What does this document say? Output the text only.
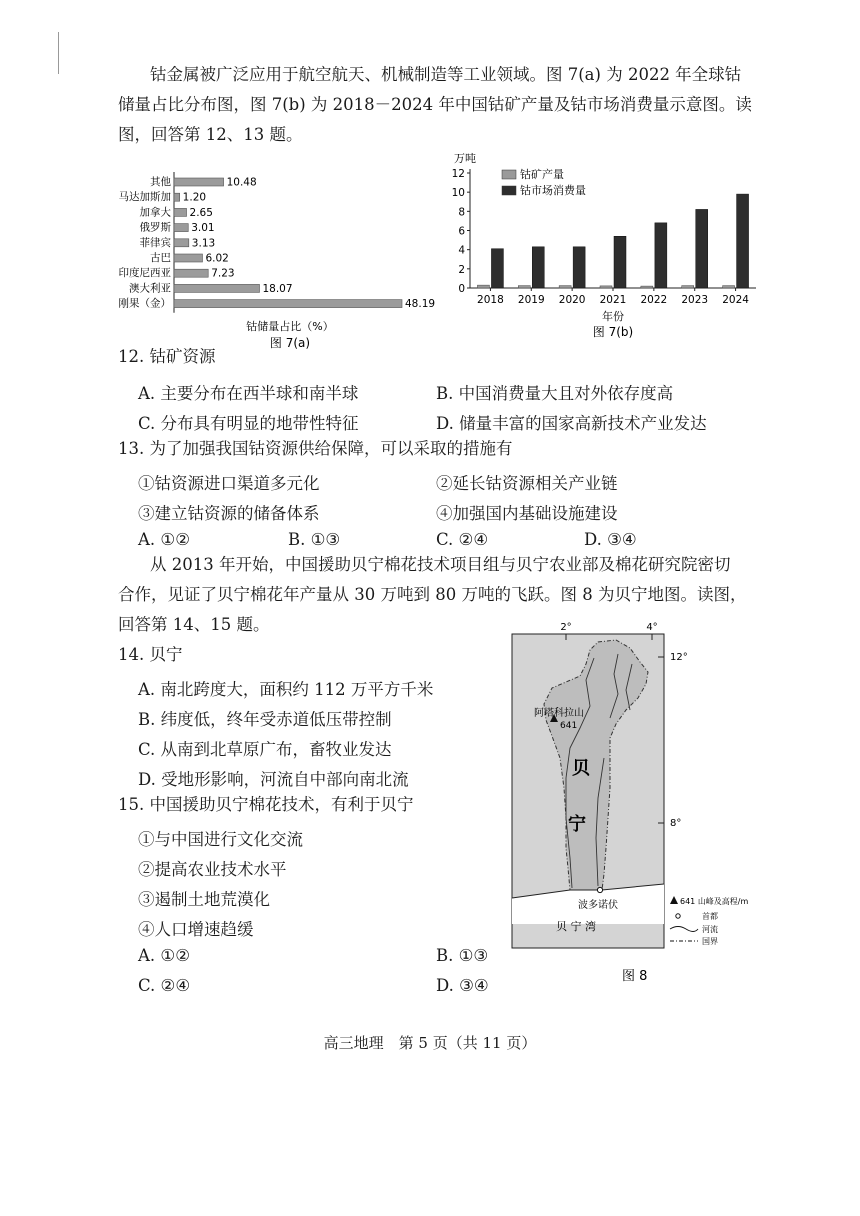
钴金属被广泛应用于航空航天、机械制造等工业领域。图 7(a) 为 2022 年全球钴
储量占比分布图，图 7(b) 为 2018－2024 年中国钴矿产量及钴市场消费量示意图。读
图，回答第 12、13 题。
其他	10.48
马达加斯加 1.20
加拿大 2.65
俄罗斯 3.01
菲律宾 3.13
古巴	6.02
印度尼西亚	7.23
澳大利亚	18.07
刚果（金）	48.19
钴储量占比（%）
图 7(a)
万吨
0
2
4
6
8
10
12
2018 2019 2020 2021 2022 2023 2024
钴矿产量
钴市场消费量
年份
图 7(b)
12. 钴矿资源
A. 主要分布在西半球和南半球	B. 中国消费量大且对外依存度高
C. 分布具有明显的地带性特征	D. 储量丰富的国家高新技术产业发达
13. 为了加强我国钴资源供给保障，可以采取的措施有
①钴资源进口渠道多元化	②延长钴资源相关产业链
③建立钴资源的储备体系	④加强国内基础设施建设
A. ①②	B. ①③	C. ②④	D. ③④
从 2013 年开始，中国援助贝宁棉花技术项目组与贝宁农业部及棉花研究院密切
合作，见证了贝宁棉花年产量从 30 万吨到 80 万吨的飞跃。图 8 为贝宁地图。读图，
回答第 14、15 题。
14. 贝宁
A. 南北跨度大，面积约 112 万平方千米
B. 纬度低，终年受赤道低压带控制
C. 从南到北草原广布，畜牧业发达
D. 受地形影响，河流自中部向南北流
15. 中国援助贝宁棉花技术，有利于贝宁
①与中国进行文化交流
②提高农业技术水平
③遏制土地荒漠化
④人口增速趋缓
A. ①②	B. ①③
C. ②④	D. ③④
2°	4°
12°
8°
阿塔科拉山
641
贝
宁
波多诺伏
贝 宁 湾
641 山峰及高程/m
首都
河流
国界
图 8
高三地理　第 5 页（共 11 页）
